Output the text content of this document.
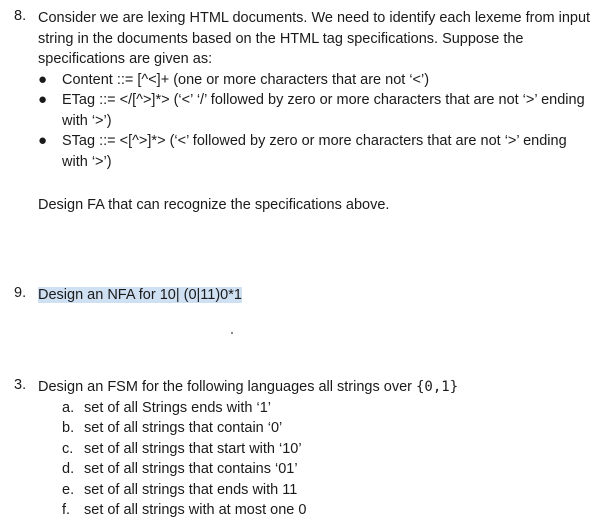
8. Consider we are lexing HTML documents. We need to identify each lexeme from input string in the documents based on the HTML tag specifications. Suppose the specifications are given as:
● Content ::= [^<]+ (one or more characters that are not ‘<’)
● ETag ::= </[^>]*> (‘<’ ‘/’ followed by zero or more characters that are not ‘>’ ending with ‘>’)
● STag ::= <[^>]*> (‘<’ followed by zero or more characters that are not ‘>’ ending with ‘>’)
Design FA that can recognize the specifications above.
9. Design an NFA for 10| (0|11)0*1
3. Design an FSM for the following languages all strings over {0,1}
a. set of all Strings ends with ‘1’
b. set of all strings that contain ‘0’
c. set of all strings that start with ‘10’
d. set of all strings that contains ‘01’
e. set of all strings that ends with 11
f. set of all strings with at most one 0
